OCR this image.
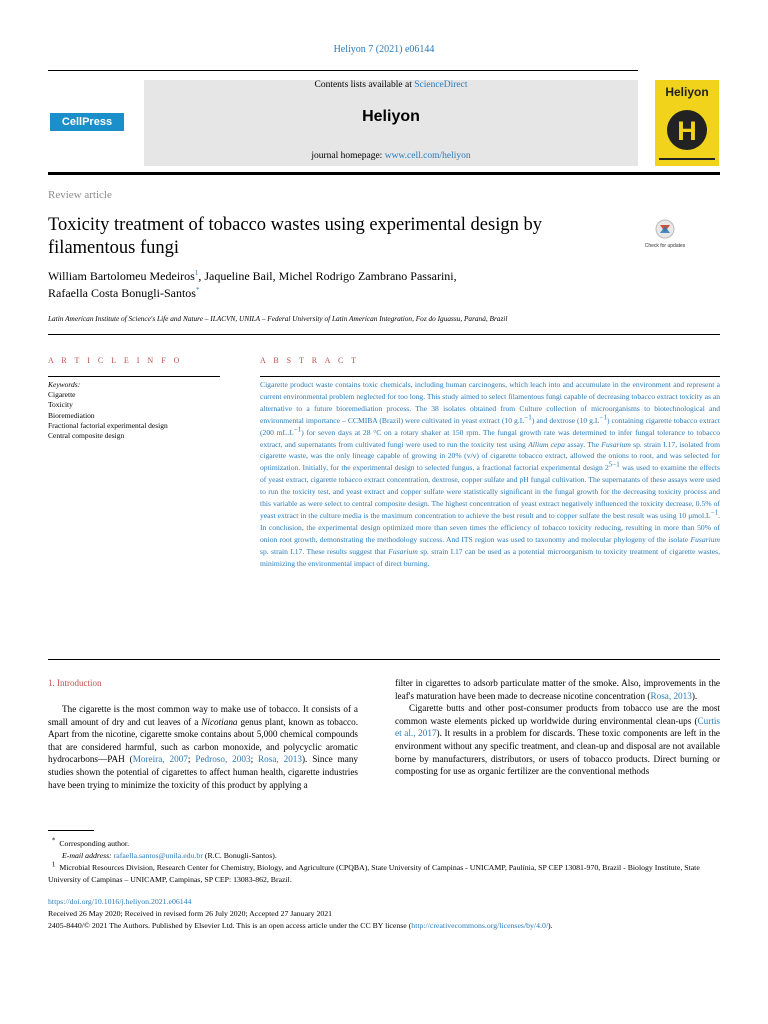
Heliyon 7 (2021) e06144
CellPress
Contents lists available at ScienceDirect
Heliyon
journal homepage: www.cell.com/heliyon
Heliyon
H
Review article
Toxicity treatment of tobacco wastes using experimental design by filamentous fungi	Check for updates
William Bartolomeu Medeiros$^1$, Jaqueline Bail, Michel Rodrigo Zambrano Passarini,
Rafaella Costa Bonugli-Santos*
Latin American Institute of Science's Life and Nature – ILACVN, UNILA – Federal University of Latin American Integration, Foz do Iguassu, Paraná, Brazil
A R T I C L E I N F O	A B S T R A C T
Keywords:
Cigarette
Toxicity
Bioremediation
Fractional factorial experimental design
Central composite design
Cigarette product waste contains toxic chemicals, including human carcinogens, which leach into and accumulate in the environment and represent a current environmental problem neglected for too long. This study aimed to select filamentous fungi capable of decreasing tobacco extract toxicity as an alternative to a future bioremediation process. The 38 isolates obtained from Culture collection of microorganisms to biotechnological and environmental importance – CCMIBA (Brazil) were cultivated in yeast extract (10 $g.L^{-1}$) and dextrose (10 $g.L^{-1}$) containing cigarette tobacco extract (200 $mL.L^{-1}$) for seven days at 28 °C on a rotary shaker at 150 rpm. The fungal growth rate was determined to infer fungal tolerance to tobacco extract, and supernatants from cultivated fungi were used to run the toxicity test using Allium cepa assay. The Fusarium sp. strain I.17, isolated from cigarette waste, was the only lineage capable of growing in 20% (v/v) of cigarette tobacco extract, allowed the onions to root, and was selected for optimization. Initially, for the experimental design to selected fungus, a fractional factorial experimental design $2^{5-1}$ was used to examine the effects of yeast extract, cigarette tobacco extract concentration, dextrose, copper sulfate and pH fungal cultivation. The supernatants of these assays were used to run the toxicity test, and yeast extract and copper sulfate were statistically significant in the fungal growth for the decreasing toxicity process and this variable as were select to central composite design. The highest concentration of yeast extract negatively influenced the toxicity decrease, 0.5% of yeast extract in the culture media is the maximum concentration to achieve the best result and to copper sulfate the best result was using 10 $\mu mol.L^{-1}$. In conclusion, the experimental design optimized more than seven times the efficiency of tobacco toxicity reducing, resulting in more than 50% of onion root growth, demonstrating the methodology success. And ITS region was used to taxonomy and molecular phylogeny of the isolate Fusarium sp. strain I.17. These results suggest that Fusarium sp. strain I.17 can be used as a potential microorganism to toxicity treatment of cigarette wastes, minimizing the environmental impact of direct burning.
1. Introduction
The cigarette is the most common way to make use of tobacco. It consists of a small amount of dry and cut leaves of a Nicotiana genus plant, known as tobacco. Apart from the nicotine, cigarette smoke contains about 5,000 chemical compounds that are considered harmful, such as carbon monoxide, and polycyclic aromatic hydrocarbons—PAH (Moreira, 2007; Pedroso, 2003; Rosa, 2013). Since many studies shown the potential of cigarettes to affect human health, cigarette industries have been trying to minimize the toxicity of this product by applying a

filter in cigarettes to adsorb particulate matter of the smoke. Also, improvements in the leaf's maturation have been made to decrease nicotine concentration (Rosa, 2013).

Cigarette butts and other post-consumer products from tobacco use are the most common waste elements picked up worldwide during environmental clean-ups (Curtis et al., 2017). It results in a problem for discards. These toxic components are left in the environment without any specific treatment, and clean-up and disposal are not available borne by manufacturers, distributors, or users of tobacco products. Direct burning or composting for use as organic fertilizer are the conventional methods

* Corresponding author.
E-mail address: rafaella.santos@unila.edu.br (R.C. Bonugli-Santos).
$^1$ Microbial Resources Division, Research Center for Chemistry, Biology, and Agriculture (CPQBA), State University of Campinas - UNICAMP, Paulínia, SP CEP 13081-970, Brazil - Biology Institute, State University of Campinas – UNICAMP, Campinas, SP CEP: 13083-862, Brazil.
https://doi.org/10.1016/j.heliyon.2021.e06144
Received 26 May 2020; Received in revised form 26 July 2020; Accepted 27 January 2021
2405-8440/© 2021 The Authors. Published by Elsevier Ltd. This is an open access article under the CC BY license (http://creativecommons.org/licenses/by/4.0/).
